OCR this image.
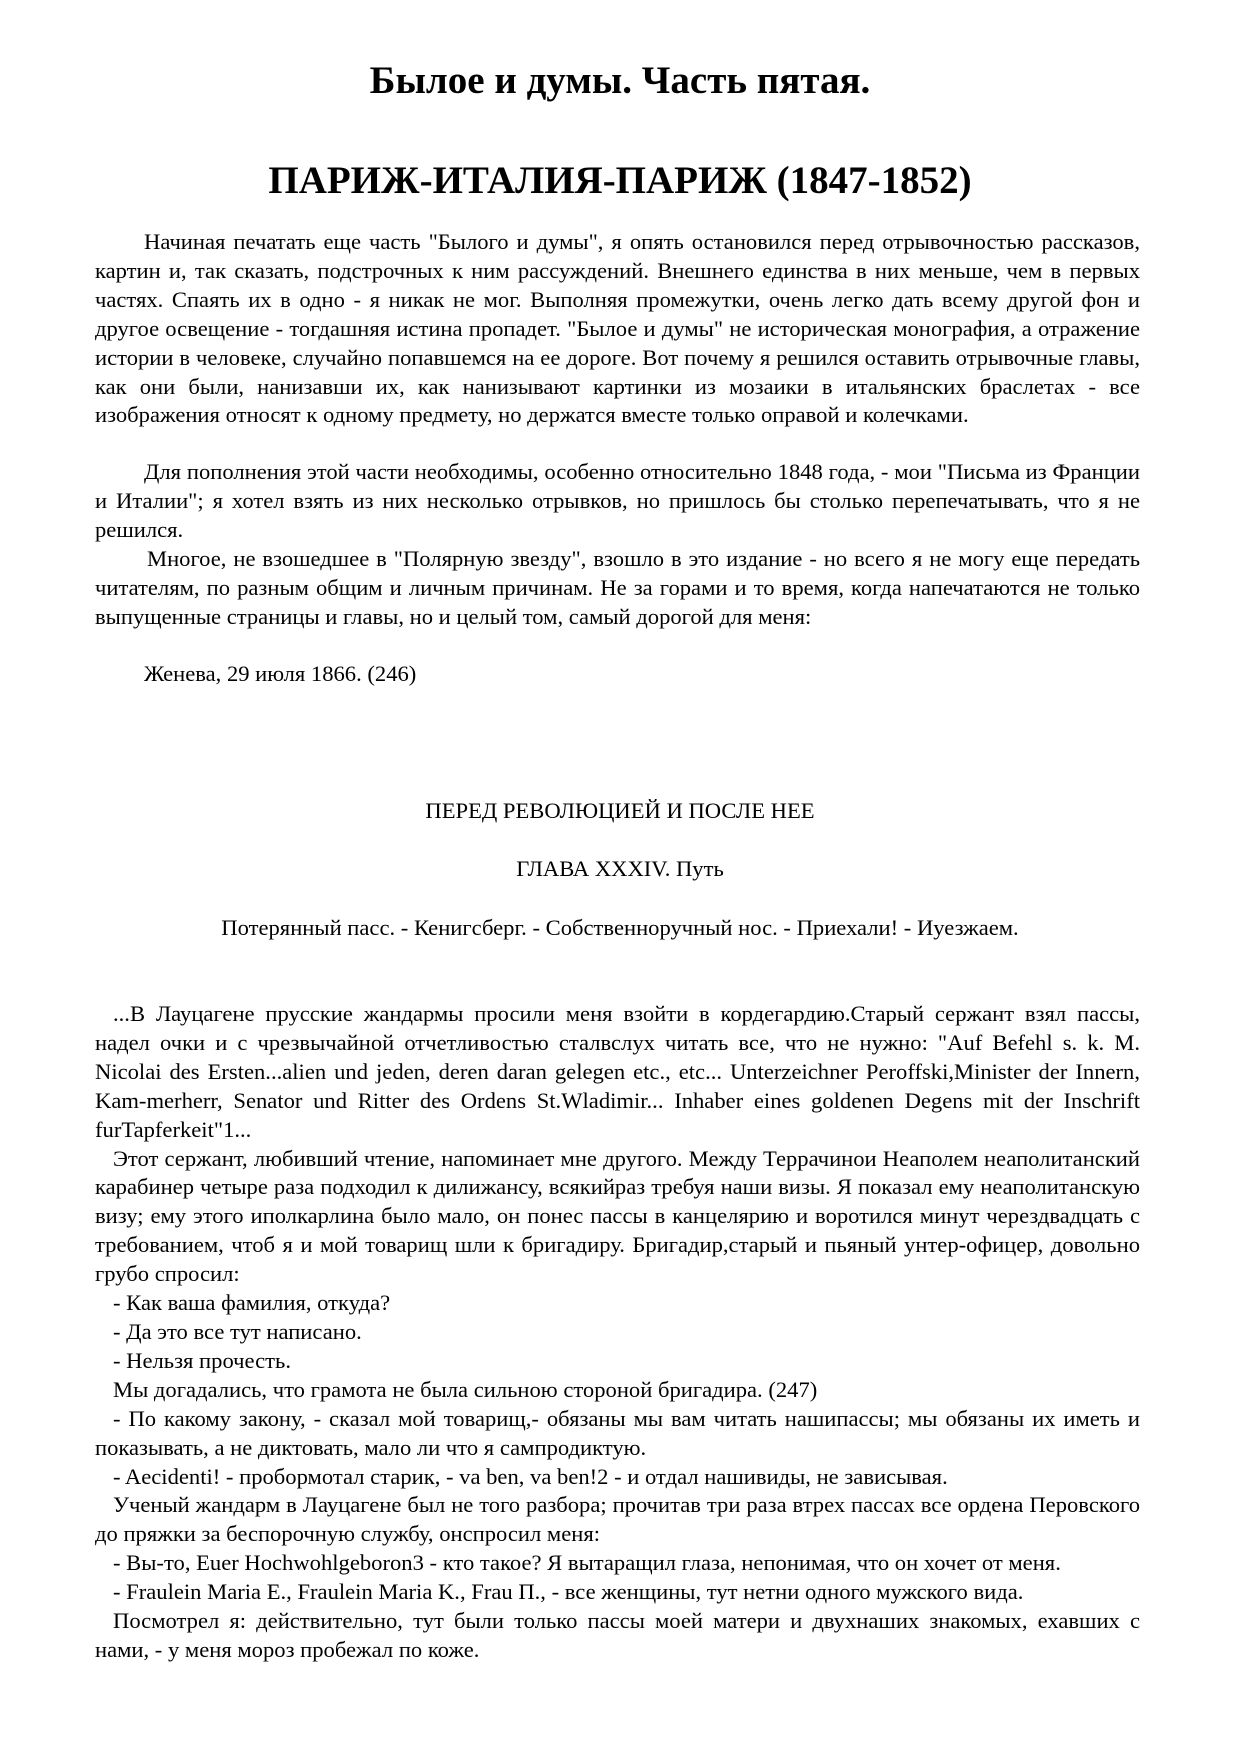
Былое и думы. Часть пятая.
ПАРИЖ-ИТАЛИЯ-ПАРИЖ (1847-1852)

Начиная печатать еще часть "Былого и думы", я опять остановился перед отрывочностью рассказов, картин и, так сказать, подстрочных к ним рассуждений. Внешнего единства в них меньше, чем в первых частях. Спаять их в одно - я никак не мог. Выполняя промежутки, очень легко дать всему другой фон и другое освещение - тогдашняя истина пропадет. "Былое и думы" не историческая монография, а отражение истории в человеке, случайно попавшемся на ее дороге. Вот почему я решился оставить отрывочные главы, как они были, нанизавши их, как нанизывают картинки из мозаики в итальянских браслетах - все изображения относят к одному предмету, но держатся вместе только оправой и колечками.

Для пополнения этой части необходимы, особенно относительно 1848 года, - мои "Письма из Франции и Италии"; я хотел взять из них несколько отрывков, но пришлось бы столько перепечатывать, что я не решился.

Многое, не взошедшее в "Полярную звезду", взошло в это издание - но всего я не могу еще передать читателям, по разным общим и личным причинам. Не за горами и то время, когда напечатаются не только выпущенные страницы и главы, но и целый том, самый дорогой для меня:

Женева, 29 июля 1866. (246)

ПЕРЕД РЕВОЛЮЦИЕЙ И ПОСЛЕ НЕЕ
ГЛАВА XXXIV. Путь
Потерянный пасс. - Кенигсберг. - Собственноручный нос. - Приехали! - Иуезжаем.

...В Лауцагене прусские жандармы просили меня взойти в кордегардию.Старый сержант взял пассы, надел очки и с чрезвычайной отчетливостью сталвслух читать все, что не нужно: "Auf Befehl s. k. M. Nicolai des Ersten...alien und jeden, deren daran gelegen etc., etc... Unterzeichner Peroffski,Minister der Innern, Kam-merherr, Senator und Ritter des Ordens St.Wladimir... Inhaber eines goldenen Degens mit der Inschrift furTapferkeit"1...

Этот сержант, любивший чтение, напоминает мне другого. Между Террачинои Неаполем неаполитанский карабинер четыре раза подходил к дилижансу, всякийраз требуя наши визы. Я показал ему неаполитанскую визу; ему этого иполкарлина было мало, он понес пассы в канцелярию и воротился минут черездвадцать с требованием, чтоб я и мой товарищ шли к бригадиру. Бригадир,старый и пьяный унтер-офицер, довольно грубо спросил:

- Как ваша фамилия, откуда?

- Да это все тут написано.

- Нельзя прочесть.

Мы догадались, что грамота не была сильною стороной бригадира. (247)

- По какому закону, - сказал мой товарищ,- обязаны мы вам читать нашипассы; мы обязаны их иметь и показывать, а не диктовать, мало ли что я сампродиктую.

- Aecidenti! - пробормотал старик, - va ben, va ben!2 - и отдал нашивиды, не зависывая.

Ученый жандарм в Лауцагене был не того разбора; прочитав три раза втрех пассах все ордена Перовского до пряжки за беспорочную службу, онспросил меня:

- Вы-то, Euer Hochwohlgeboron3 - кто такое? Я вытаращил глаза, непонимая, что он хочет от меня.

- Fraulein Maria E., Fraulein Maria K., Frau П., - все женщины, тут нетни одного мужского вида.

Посмотрел я: действительно, тут были только пассы моей матери и двухнаших знакомых, ехавших с нами, - у меня мороз пробежал по коже.
